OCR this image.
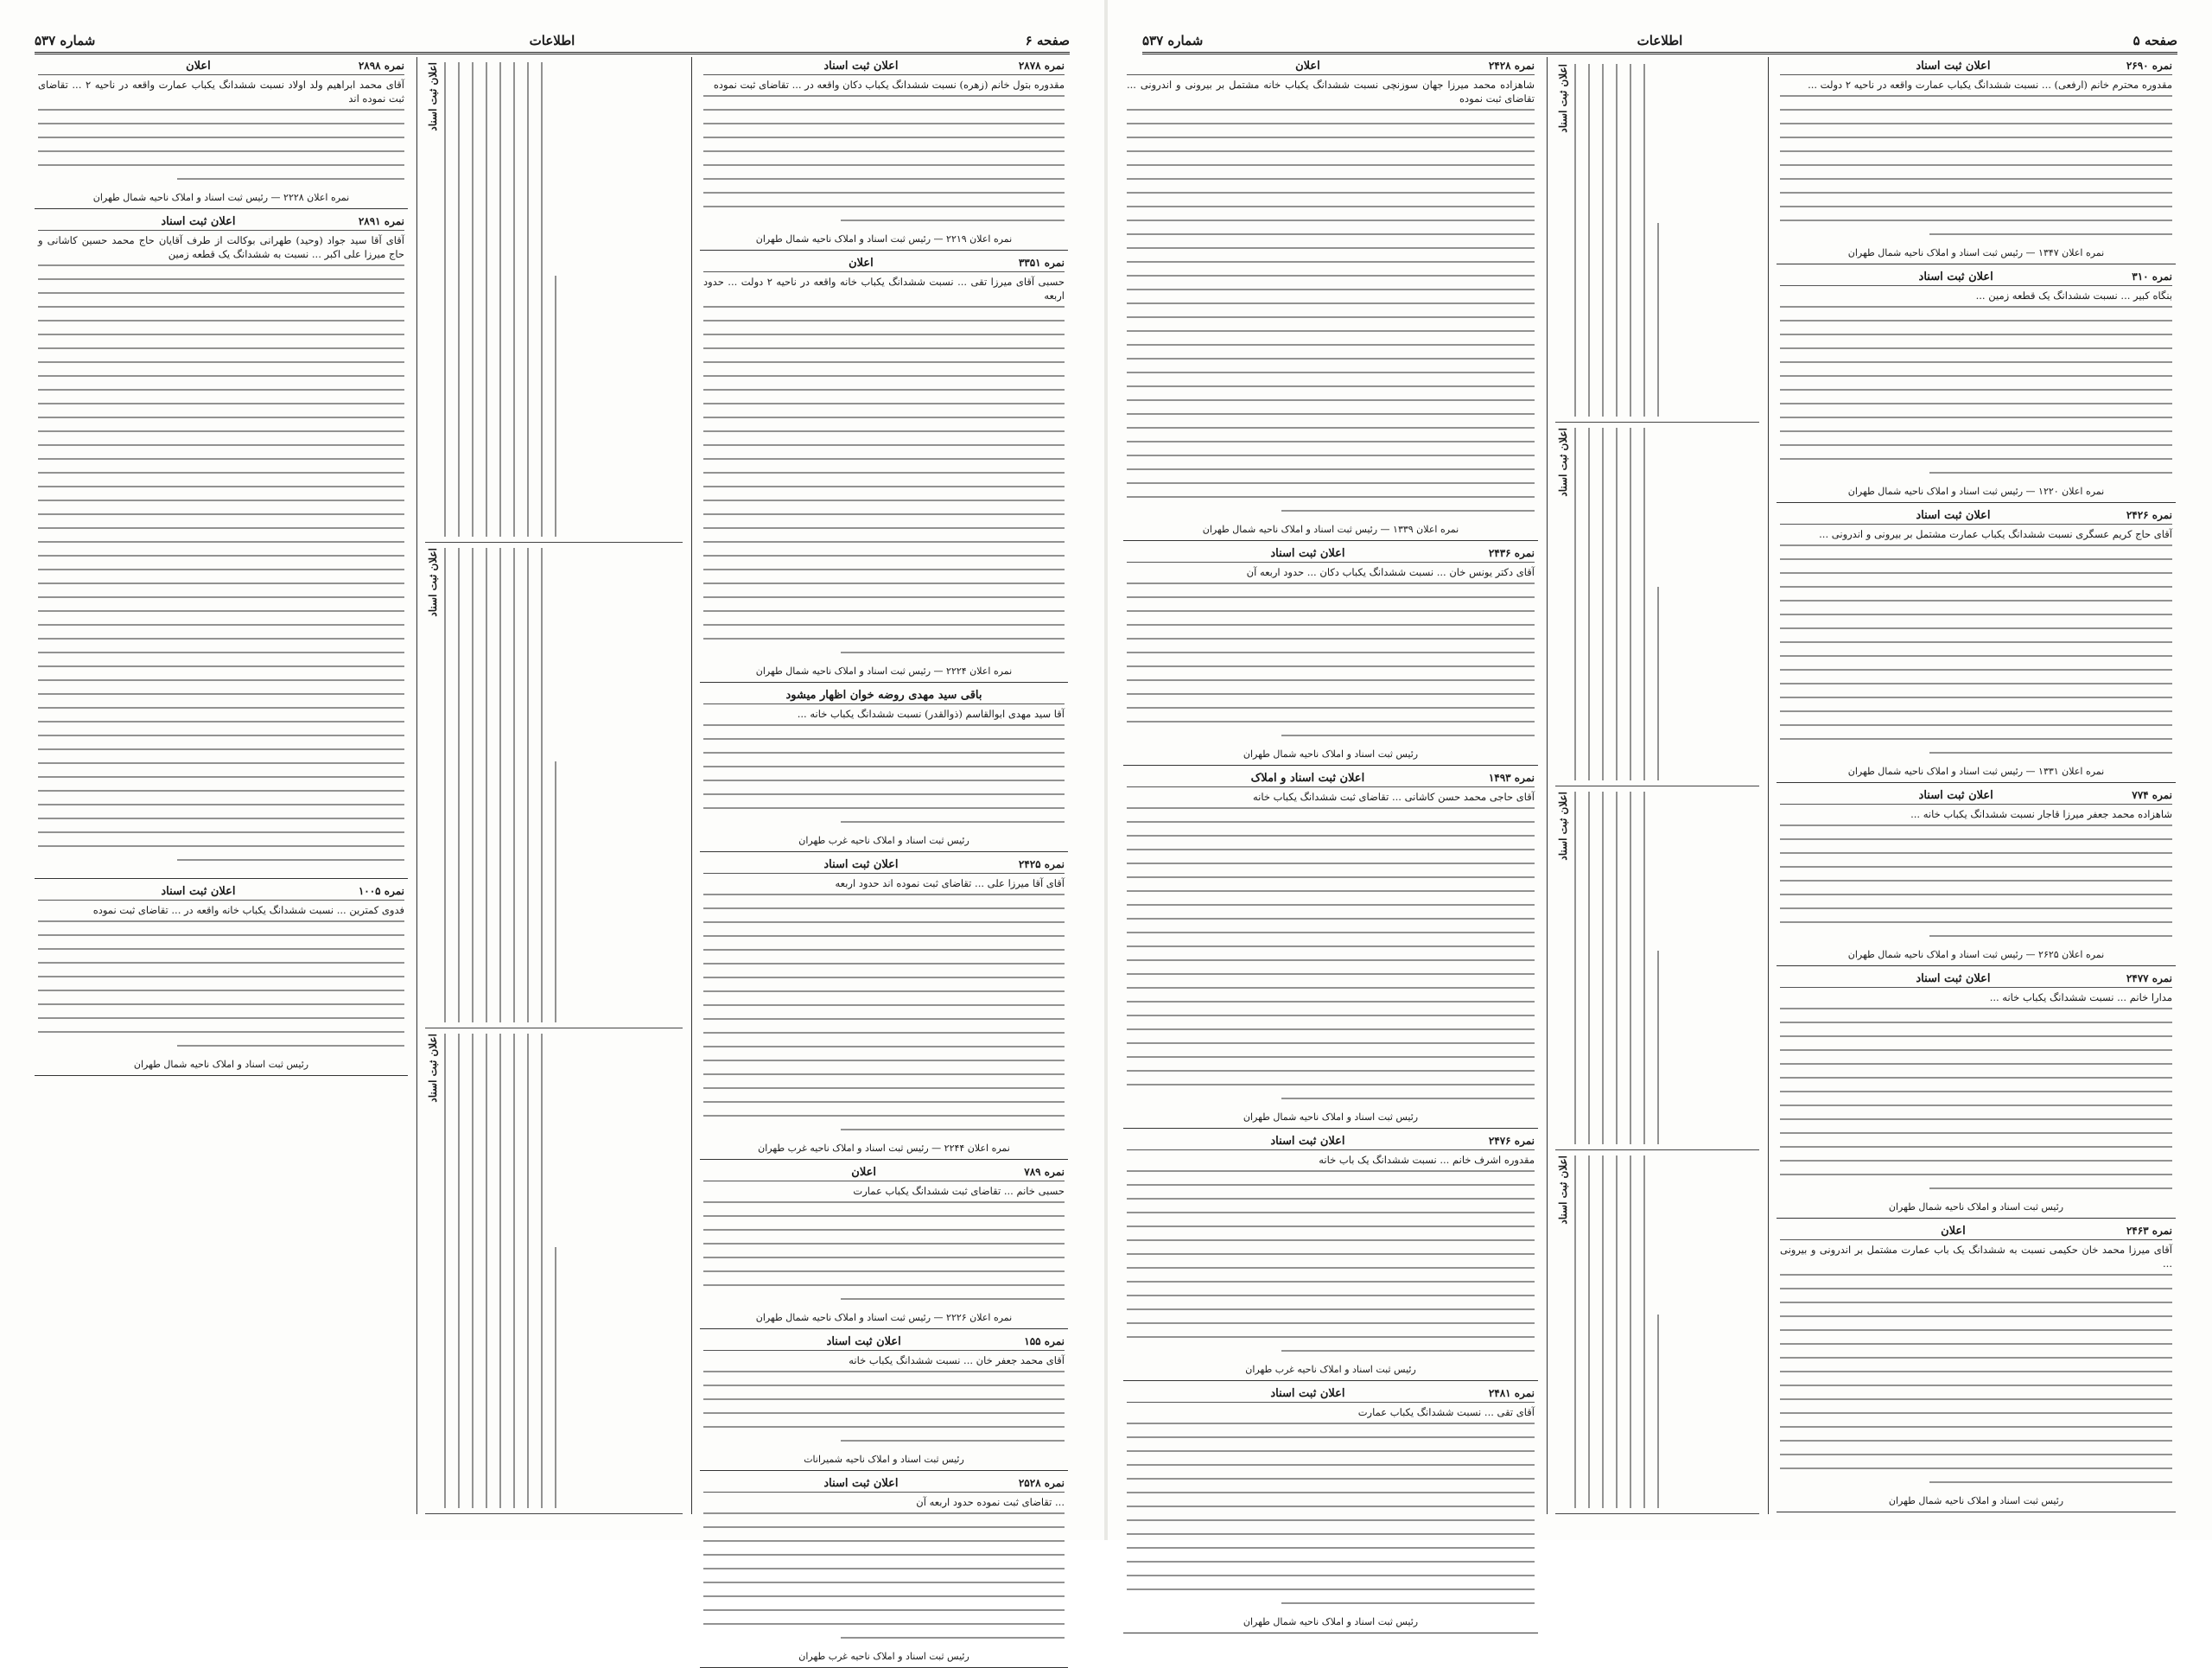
صفحه ۶
اطلاعات
شماره ۵۳۷
نمره ۲۸۹۸
اعلان
آقای محمد ابراهیم ولد اولاد نسبت ششدانگ یکباب عمارت واقعه در ناحیه ۲ ... تقاضای ثبت نموده اند
نمره اعلان ۲۲۲۸ — رئیس ثبت اسناد و املاک ناحیه شمال طهران
نمره ۲۸۹۱
اعلان ثبت اسناد
آقای آقا سید جواد (وحید) طهرانی بوکالت از طرف آقایان حاج محمد حسین کاشانی و حاج میرزا علی اکبر ... نسبت به ششدانگ یک قطعه زمین
نمره ۱۰۰۵
اعلان ثبت اسناد
فدوی کمترین ... نسبت ششدانگ یکباب خانه واقعه در ... تقاضای ثبت نموده
رئیس ثبت اسناد و املاک ناحیه شمال طهران	اعلان ثبت اسناد
اعلان ثبت اسناد
اعلان ثبت اسناد	نمره ۲۸۷۸
اعلان ثبت اسناد
مقدوره بتول خانم (زهره) نسبت ششدانگ یکباب دکان واقعه در ... تقاضای ثبت نموده
نمره اعلان ۲۲۱۹ — رئیس ثبت اسناد و املاک ناحیه شمال طهران
نمره ۳۳۵۱
اعلان
حسبی آقای میرزا تقی ... نسبت ششدانگ یکباب خانه واقعه در ناحیه ۲ دولت ... حدود اربعه
نمره اعلان ۲۲۲۴ — رئیس ثبت اسناد و املاک ناحیه شمال طهران
باقی سید مهدی روضه خوان اظهار میشود
آقا سید مهدی ابوالقاسم (ذوالقدر) نسبت ششدانگ یکباب خانه ...
رئیس ثبت اسناد و املاک ناحیه غرب طهران
نمره ۲۴۲۵
اعلان ثبت اسناد
آقای آقا میرزا علی ... تقاضای ثبت نموده اند حدود اربعه
نمره اعلان ۲۲۴۴ — رئیس ثبت اسناد و املاک ناحیه غرب طهران
نمره ۷۸۹
اعلان
حسبی خانم ... تقاضای ثبت ششدانگ یکباب عمارت
نمره اعلان ۲۲۲۶ — رئیس ثبت اسناد و املاک ناحیه شمال طهران
نمره ۱۵۵
اعلان ثبت اسناد
آقای محمد جعفر خان ... نسبت ششدانگ یکباب خانه
رئیس ثبت اسناد و املاک ناحیه شمیرانات
نمره ۲۵۲۸
اعلان ثبت اسناد
... تقاضای ثبت نموده حدود اربعه آن
رئیس ثبت اسناد و املاک ناحیه غرب طهران
صفحه ۵
اطلاعات
شماره ۵۳۷
نمره ۲۴۲۸
اعلان
شاهزاده محمد میرزا جهان سوزنچی نسبت ششدانگ یکباب خانه مشتمل بر بیرونی و اندرونی ... تقاضای ثبت نموده
نمره اعلان ۱۳۳۹ — رئیس ثبت اسناد و املاک ناحیه شمال طهران
نمره ۲۴۳۶
اعلان ثبت اسناد
آقای دکتر یونس خان ... نسبت ششدانگ یکباب دکان ... حدود اربعه آن
رئیس ثبت اسناد و املاک ناحیه شمال طهران
نمره ۱۴۹۳
اعلان ثبت اسناد و املاک
آقای حاجی محمد حسن کاشانی ... تقاضای ثبت ششدانگ یکباب خانه
رئیس ثبت اسناد و املاک ناحیه شمال طهران
نمره ۲۴۷۶
اعلان ثبت اسناد
مقدوره اشرف خانم ... نسبت ششدانگ یک باب خانه
رئیس ثبت اسناد و املاک ناحیه غرب طهران
نمره ۲۴۸۱
اعلان ثبت اسناد
آقای تقی ... نسبت ششدانگ یکباب عمارت
رئیس ثبت اسناد و املاک ناحیه شمال طهران
اعلان ثبت اسناد
اعلان ثبت اسناد
اعلان ثبت اسناد
اعلان ثبت اسناد	نمره ۲۶۹۰
اعلان ثبت اسناد
مقدوره محترم خانم (ارفعی) ... نسبت ششدانگ یکباب عمارت واقعه در ناحیه ۲ دولت ...
نمره اعلان ۱۳۴۷ — رئیس ثبت اسناد و املاک ناحیه شمال طهران
نمره ۳۱۰
اعلان ثبت اسناد
بنگاه کبیر ... نسبت ششدانگ یک قطعه زمین ...
نمره اعلان ۱۲۲۰ — رئیس ثبت اسناد و املاک ناحیه شمال طهران
نمره ۲۴۲۶
اعلان ثبت اسناد
آقای حاج کریم عسگری نسبت ششدانگ یکباب عمارت مشتمل بر بیرونی و اندرونی ...
نمره اعلان ۱۳۳۱ — رئیس ثبت اسناد و املاک ناحیه شمال طهران
نمره ۷۷۴
اعلان ثبت اسناد
شاهزاده محمد جعفر میرزا قاجار نسبت ششدانگ یکباب خانه ...
نمره اعلان ۲۶۲۵ — رئیس ثبت اسناد و املاک ناحیه شمال طهران
نمره ۲۴۷۷
اعلان ثبت اسناد
مدارا خانم ... نسبت ششدانگ یکباب خانه ...
رئیس ثبت اسناد و املاک ناحیه شمال طهران
نمره ۲۴۶۳
اعلان
آقای میرزا محمد خان حکیمی نسبت به ششدانگ یک باب عمارت مشتمل بر اندرونی و بیرونی ...
رئیس ثبت اسناد و املاک ناحیه شمال طهران
